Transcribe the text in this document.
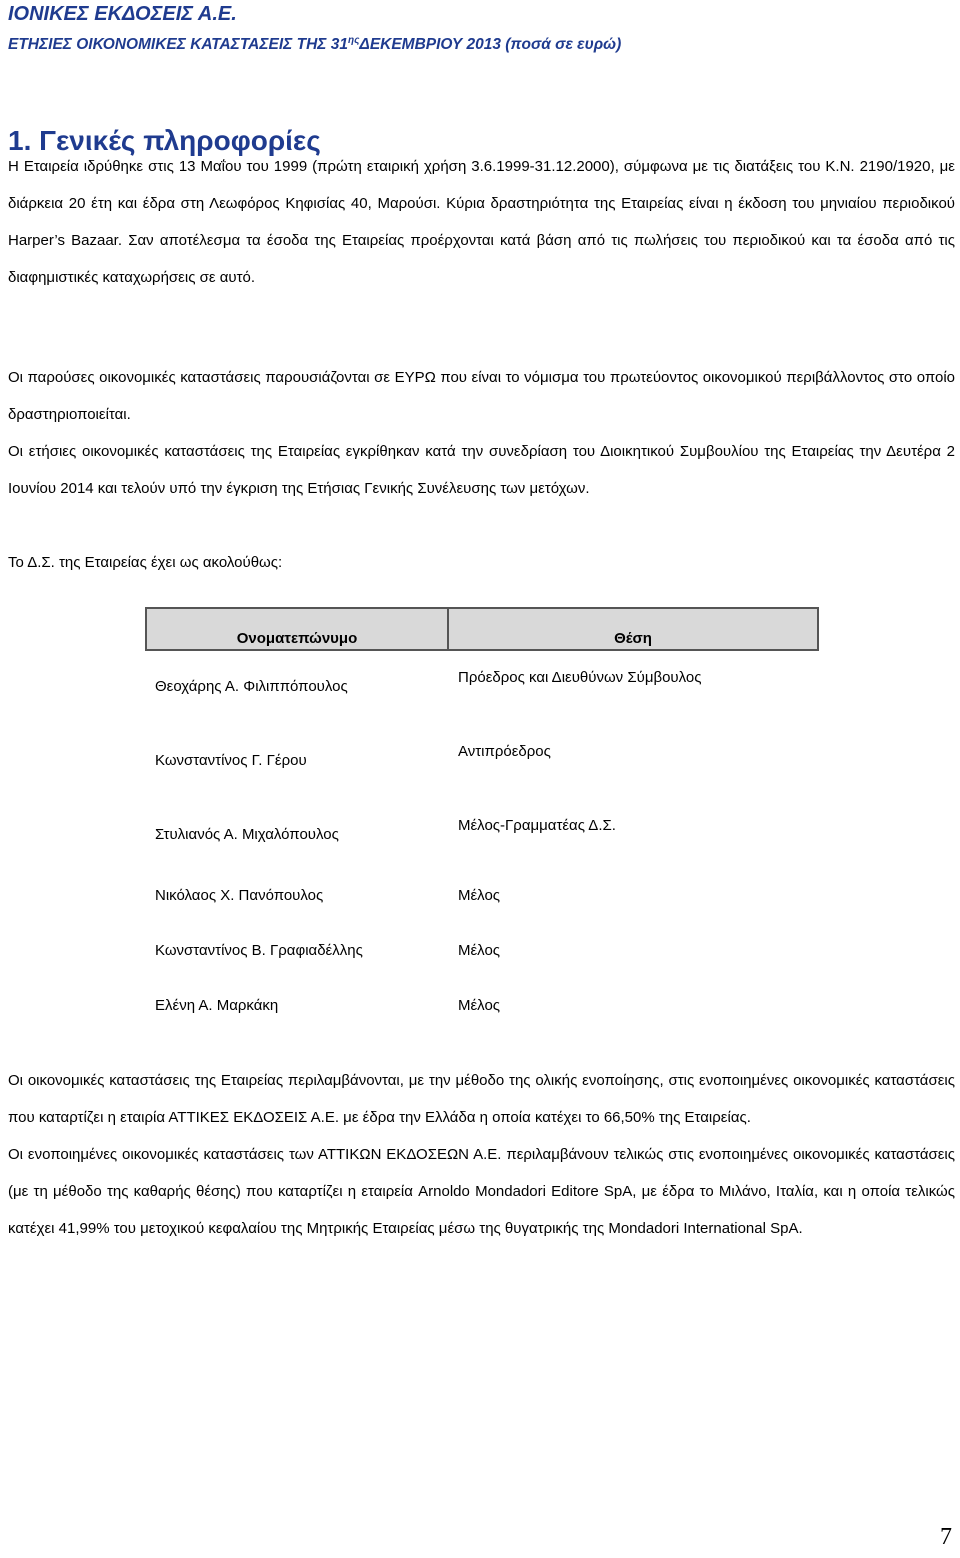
ΙΟΝΙΚΕΣ ΕΚΔΟΣΕΙΣ Α.Ε.
ΕΤΗΣΙΕΣ ΟΙΚΟΝΟΜΙΚΕΣ ΚΑΤΑΣΤΑΣΕΙΣ ΤΗΣ $31^{\eta\varsigma}\Delta EKEMBPIO\Upsilon$ 2013 (ποσά σε ευρώ)
1. Γενικές πληροφορίες

Η Εταιρεία ιδρύθηκε στις 13 Μαΐου του 1999 (πρώτη εταιρική χρήση 3.6.1999-31.12.2000), σύμφωνα με τις διατάξεις του Κ.Ν. 2190/1920, με διάρκεια 20 έτη και έδρα στη Λεωφόρος Κηφισίας 40, Μαρούσι. Κύρια δραστηριότητα της Εταιρείας είναι η έκδοση του μηνιαίου περιοδικού Harper’s Bazaar. Σαν αποτέλεσμα τα έσοδα της Εταιρείας προέρχονται κατά βάση από τις πωλήσεις του περιοδικού και τα έσοδα από τις διαφημιστικές καταχωρήσεις σε αυτό.

Οι παρούσες οικονομικές καταστάσεις παρουσιάζονται σε ΕΥΡΩ που είναι το νόμισμα του πρωτεύοντος οικονομικού περιβάλλοντος στο οποίο δραστηριοποιείται.

Οι ετήσιες οικονομικές καταστάσεις της Εταιρείας εγκρίθηκαν κατά την συνεδρίαση του Διοικητικού Συμβουλίου της Εταιρείας την Δευτέρα 2 Ιουνίου 2014 και τελούν υπό την έγκριση της Ετήσιας Γενικής Συνέλευσης των μετόχων.

Το Δ.Σ. της Εταιρείας έχει ως ακολούθως:

Ονοματεπώνυμο	Θέση

Θεοχάρης Α. Φιλιππόπουλος	Πρόεδρος και Διευθύνων Σύμβουλος

Κωνσταντίνος Γ. Γέρου	Αντιπρόεδρος

Στυλιανός Α. Μιχαλόπουλος	Μέλος-Γραμματέας Δ.Σ.

Νικόλαος Χ. Πανόπουλος	Μέλος

Κωνσταντίνος Β. Γραφιαδέλλης	Μέλος

Ελένη Α. Μαρκάκη	Μέλος

Οι οικονομικές καταστάσεις της Εταιρείας περιλαμβάνονται, με την μέθοδο της ολικής ενοποίησης, στις ενοποιημένες οικονομικές καταστάσεις που καταρτίζει η εταιρία ΑΤΤΙΚΕΣ ΕΚΔΟΣΕΙΣ Α.Ε. με έδρα την Ελλάδα η οποία κατέχει το 66,50% της Εταιρείας.

Οι ενοποιημένες οικονομικές καταστάσεις των ΑΤΤΙΚΩΝ ΕΚΔΟΣΕΩΝ Α.Ε. περιλαμβάνουν τελικώς στις ενοποιημένες οικονομικές καταστάσεις (με τη μέθοδο της καθαρής θέσης) που καταρτίζει η εταιρεία Arnoldo Mondadori Editore SpA, με έδρα το Μιλάνο, Ιταλία, και η οποία τελικώς κατέχει 41,99% του μετοχικού κεφαλαίου της Μητρικής Εταιρείας μέσω της θυγατρικής της Mondadori International SpA.

7
